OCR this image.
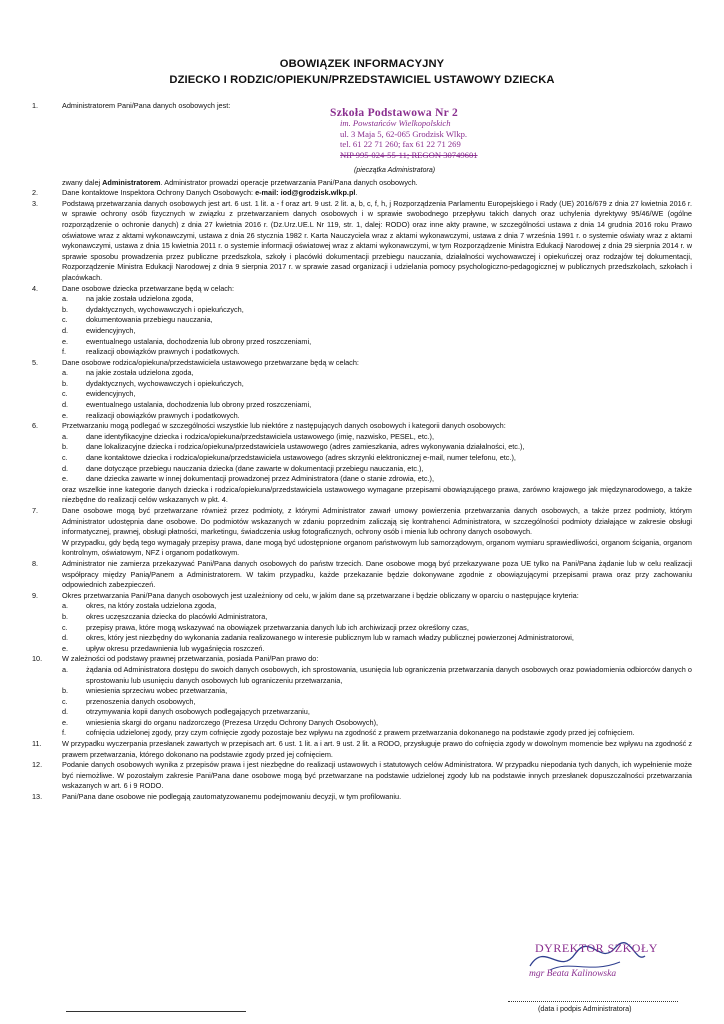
OBOWIĄZEK INFORMACYJNY
DZIECKO I RODZIC/OPIEKUN/PRZEDSTAWICIEL USTAWOWY DZIECKA
1.	Administratorem Pani/Pana danych osobowych jest:
Szkoła Podstawowa Nr 2
im. Powstańców Wielkopolskich
ul. 3 Maja 5, 62-065 Grodzisk Wlkp.
tel. 61 22 71 260; fax 61 22 71 269
NIP 995-024-55-11; REGON 30749601
(pieczątka Administratora)
zwany dalej Administratorem. Administrator prowadzi operacje przetwarzania Pani/Pana danych osobowych.
2.	Dane kontaktowe Inspektora Ochrony Danych Osobowych: e-mail: iod@grodzisk.wlkp.pl.
3.	Podstawą przetwarzania danych osobowych jest art. 6 ust. 1 lit. a - f oraz art. 9 ust. 2 lit. a, b, c, f, h, j Rozporządzenia Parlamentu Europejskiego i Rady (UE) 2016/679 z dnia 27 kwietnia 2016 r. w sprawie ochrony osób fizycznych w związku z przetwarzaniem danych osobowych i w sprawie swobodnego przepływu takich danych oraz uchylenia dyrektywy 95/46/WE (ogólne rozporządzenie o ochronie danych) z dnia 27 kwietnia 2016 r. (Dz.Urz.UE.L Nr 119, str. 1, dalej: RODO) oraz inne akty prawne, w szczególności ustawa z dnia 14 grudnia 2016 roku Prawo oświatowe wraz z aktami wykonawczymi, ustawa z dnia 26 stycznia 1982 r. Karta Nauczyciela wraz z aktami wykonawczymi, ustawa z dnia 7 września 1991 r. o systemie oświaty wraz z aktami wykonawczymi, ustawa z dnia 15 kwietnia 2011 r. o systemie informacji oświatowej wraz z aktami wykonawczymi, w tym Rozporządzenie Ministra Edukacji Narodowej z dnia 29 sierpnia 2014 r. w sprawie sposobu prowadzenia przez publiczne przedszkola, szkoły i placówki dokumentacji przebiegu nauczania, działalności wychowawczej i opiekuńczej oraz rodzajów tej dokumentacji, Rozporządzenie Ministra Edukacji Narodowej z dnia 9 sierpnia 2017 r. w sprawie zasad organizacji i udzielania pomocy psychologiczno-pedagogicznej w publicznych przedszkolach, szkołach i placówkach.
4.	Dane osobowe dziecka przetwarzane będą w celach:
a. na jakie została udzielona zgoda,
b. dydaktycznych, wychowawczych i opiekuńczych,
c.	dokumentowania przebiegu nauczania,
d. ewidencyjnych,
e. ewentualnego ustalania, dochodzenia lub obrony przed roszczeniami,
f.	realizacji obowiązków prawnych i podatkowych.
5.	Dane osobowe rodzica/opiekuna/przedstawiciela ustawowego przetwarzane będą w celach:
a. na jakie została udzielona zgoda,
b. dydaktycznych, wychowawczych i opiekuńczych,
c.	ewidencyjnych,
d. ewentualnego ustalania, dochodzenia lub obrony przed roszczeniami,
e. realizacji obowiązków prawnych i podatkowych.
6.	Przetwarzaniu mogą podlegać w szczególności wszystkie lub niektóre z następujących danych osobowych i kategorii danych osobowych:
a. dane identyfikacyjne dziecka i rodzica/opiekuna/przedstawiciela ustawowego (imię, nazwisko, PESEL, etc.),
b. dane lokalizacyjne dziecka i rodzica/opiekuna/przedstawiciela ustawowego (adres zamieszkania, adres wykonywania działalności, etc.),
c.	dane kontaktowe dziecka i rodzica/opiekuna/przedstawiciela ustawowego (adres skrzynki elektronicznej e-mail, numer telefonu, etc.),
d. dane dotyczące przebiegu nauczania dziecka (dane zawarte w dokumentacji przebiegu nauczania, etc.),
e. dane dziecka zawarte w innej dokumentacji prowadzonej przez Administratora (dane o stanie zdrowia, etc.),
oraz wszelkie inne kategorie danych dziecka i rodzica/opiekuna/przedstawiciela ustawowego wymagane przepisami obowiązującego prawa, zarówno krajowego jak międzynarodowego, a także niezbędne do realizacji celów wskazanych w pkt. 4.
7.	Dane osobowe mogą być przetwarzane również przez podmioty, z którymi Administrator zawarł umowy powierzenia przetwarzania danych osobowych, a także przez podmioty, którym Administrator udostępnia dane osobowe. Do podmiotów wskazanych w zdaniu poprzednim zaliczają się kontrahenci Administratora, w szczególności podmioty działające w zakresie obsługi informatycznej, prawnej, obsługi płatności, marketingu, świadczenia usług fotograficznych, ochrony osób i mienia lub ochrony danych osobowych.
W przypadku, gdy będą tego wymagały przepisy prawa, dane mogą być udostępnione organom państwowym lub samorządowym, organom wymiaru sprawiedliwości, organom ścigania, organom kontrolnym, oświatowym, NFZ i organom podatkowym.
8.	Administrator nie zamierza przekazywać Pani/Pana danych osobowych do państw trzecich. Dane osobowe mogą być przekazywane poza UE tylko na Pani/Pana żądanie lub w celu realizacji współpracy między Panią/Panem a Administratorem. W takim przypadku, każde przekazanie będzie dokonywane zgodnie z obowiązującymi przepisami prawa oraz przy zachowaniu odpowiednich zabezpieczeń.
9.	Okres przetwarzania Pani/Pana danych osobowych jest uzależniony od celu, w jakim dane są przetwarzane i będzie obliczany w oparciu o następujące kryteria:
a. okres, na który została udzielona zgoda,
b. okres uczęszczania dziecka do placówki Administratora,
c.	przepisy prawa, które mogą wskazywać na obowiązek przetwarzania danych lub ich archiwizacji przez określony czas,
d. okres, który jest niezbędny do wykonania zadania realizowanego w interesie publicznym lub w ramach władzy publicznej powierzonej Administratorowi,
e. upływ okresu przedawnienia lub wygaśnięcia roszczeń.
10.	W zależności od podstawy prawnej przetwarzania, posiada Pani/Pan prawo do:
a. żądania od Administratora dostępu do swoich danych osobowych, ich sprostowania, usunięcia lub ograniczenia przetwarzania danych osobowych oraz powiadomienia odbiorców danych o sprostowaniu lub usunięciu danych osobowych lub ograniczeniu przetwarzania,
b. wniesienia sprzeciwu wobec przetwarzania,
c.	przenoszenia danych osobowych,
d. otrzymywania kopii danych osobowych podlegających przetwarzaniu,
e. wniesienia skargi do organu nadzorczego (Prezesa Urzędu Ochrony Danych Osobowych),
f.	cofnięcia udzielonej zgody, przy czym cofnięcie zgody pozostaje bez wpływu na zgodność z prawem przetwarzania dokonanego na podstawie zgody przed jej cofnięciem.
11.	W przypadku wyczerpania przesłanek zawartych w przepisach art. 6 ust. 1 lit. a i art. 9 ust. 2 lit. a RODO, przysługuje prawo do cofnięcia zgody w dowolnym momencie bez wpływu na zgodność z prawem przetwarzania, którego dokonano na podstawie zgody przed jej cofnięciem.
12.	Podanie danych osobowych wynika z przepisów prawa i jest niezbędne do realizacji ustawowych i statutowych celów Administratora. W przypadku niepodania tych danych, ich wypełnienie może być niemożliwe. W pozostałym zakresie Pani/Pana dane osobowe mogą być przetwarzane na podstawie udzielonej zgody lub na podstawie innych przesłanek dopuszczalności przetwarzania wskazanych w art. 6 i 9 RODO.
13.	Pani/Pana dane osobowe nie podlegają zautomatyzowanemu podejmowaniu decyzji, w tym profilowaniu.
DYREKTOR SZKOŁY
mgr Beata Kalinowska
(data i podpis Administratora)
